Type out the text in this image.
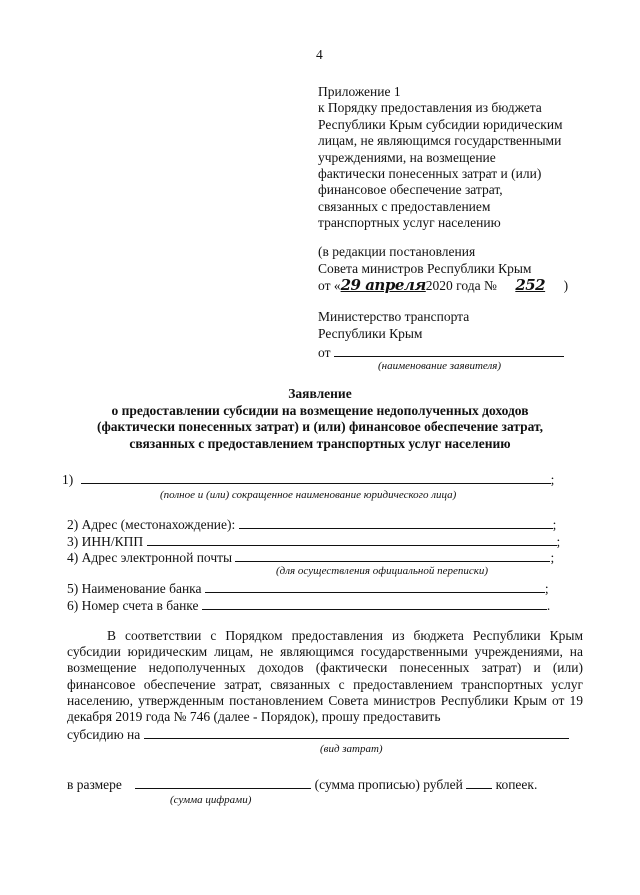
4
Приложение 1
к Порядку предоставления из бюджета
Республики Крым субсидии юридическим
лицам, не являющимся государственными
учреждениями, на возмещение
фактически понесенных затрат и (или)
финансовое обеспечение затрат,
связанных с предоставлением
транспортных услуг населению
(в редакции постановления
Совета министров Республики Крым
от «29 апреля2020 года № 252 )
Министерство транспорта
Республики Крым
от
(наименование заявителя)
Заявление
о предоставлении субсидии на возмещение недополученных доходов
(фактически понесенных затрат) и (или) финансовое обеспечение затрат,
связанных с предоставлением транспортных услуг населению
1)	;
(полное и (или) сокращенное наименование юридического лица)
2) Адрес (местонахождение):	;
3) ИНН/КПП	;
4) Адрес электронной почты	;
(для осуществления официальной переписки)
5) Наименование банка	;
6) Номер счета в банке	.

В соответствии с Порядком предоставления из бюджета Республики Крым субсидии юридическим лицам, не являющимся государственными учреждениями, на возмещение недополученных доходов (фактически понесенных затрат) и (или) финансовое обеспечение затрат, связанных с предоставлением транспортных услуг населению, утвержденным постановлением Совета министров Республики Крым от 19 декабря 2019 года № 746 (далее - Порядок), прошу предоставить

субсидию на
(вид затрат)
в размере	(сумма прописью) рублей копеек.
(сумма цифрами)
